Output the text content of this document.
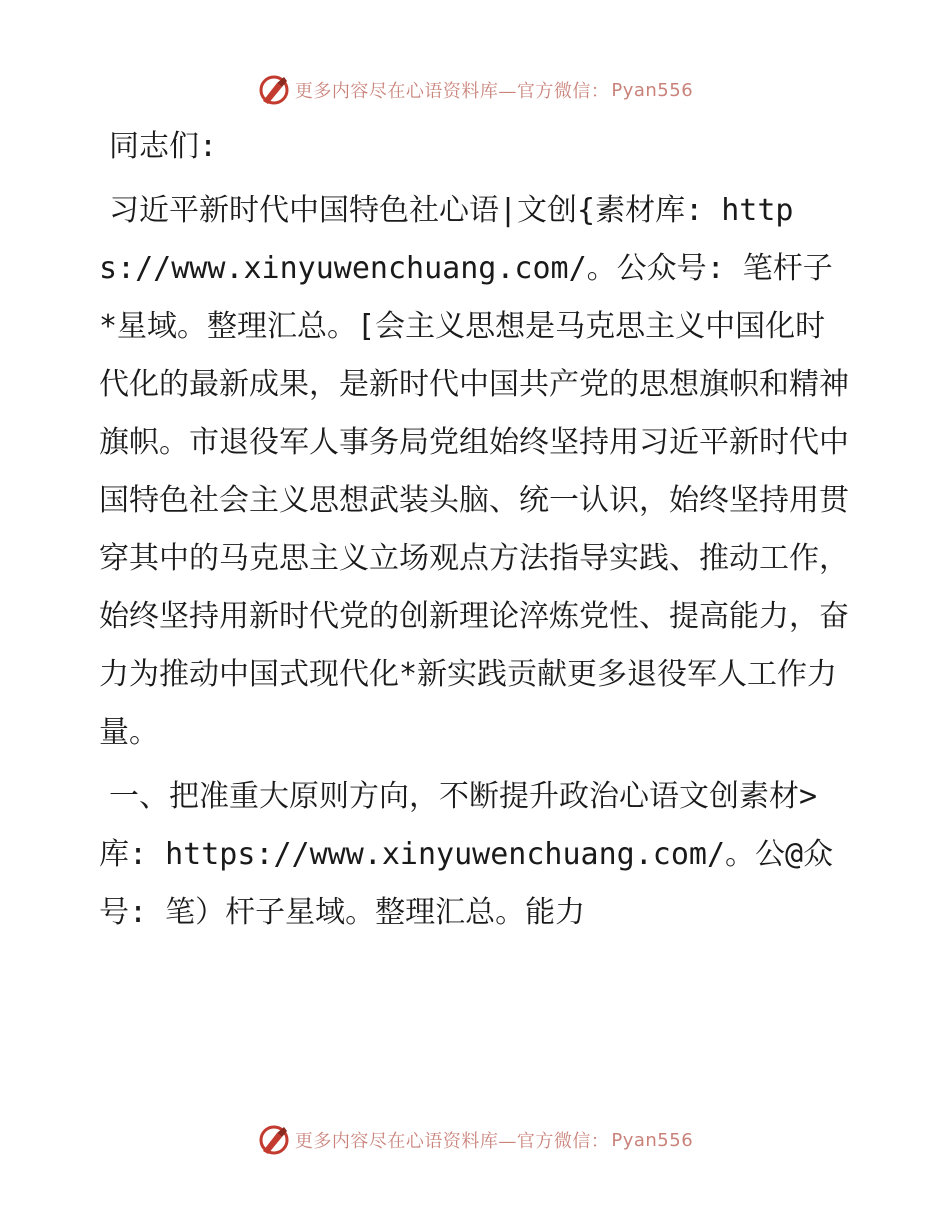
更多内容尽在心语资料库—官方微信： Pyan556

同志们:

习近平新时代中国特色社心语|文创{素材库: https://www.xinyuwenchuang.com/。公众号: 笔杆子*星域。整理汇总。[会主义思想是马克思主义中国化时代化的最新成果，是新时代中国共产党的思想旗帜和精神旗帜。市退役军人事务局党组始终坚持用习近平新时代中国特色社会主义思想武装头脑、统一认识，始终坚持用贯穿其中的马克思主义立场观点方法指导实践、推动工作，始终坚持用新时代党的创新理论淬炼党性、提高能力，奋力为推动中国式现代化*新实践贡献更多退役军人工作力量。

一、把准重大原则方向，不断提升政治心语文创素材>库: https://www.xinyuwenchuang.com/。公@众号: 笔）杆子星域。整理汇总。能力

更多内容尽在心语资料库—官方微信： Pyan556
